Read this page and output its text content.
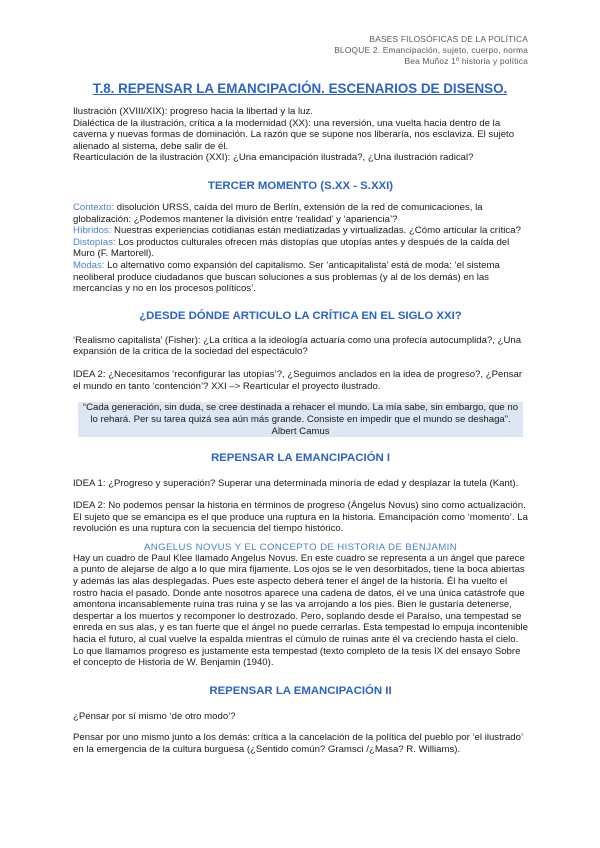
BASES FILOSÓFICAS DE LA POLÍTICA
BLOQUE 2. Emancipación, sujeto, cuerpo, norma
Bea Muñoz 1º historia y política
T.8. REPENSAR LA EMANCIPACIÓN. ESCENARIOS DE DISENSO.

Ilustración (XVIII/XIX): progreso hacia la libertad y la luz.

Dialéctica de la ilustración, crítica a la modernidad (XX): una reversión, una vuelta hacia dentro de la caverna y nuevas formas de dominación. La razón que se supone nos liberaría, nos esclaviza. El sujeto alienado al sistema, debe salir de él.

Rearticulación de la ilustración (XXI): ¿Una emancipación ilustrada?, ¿Una ilustración radical?

TERCER MOMENTO (S.XX - S.XXI)

Contexto: disolución URSS, caída del muro de Berlín, extensión de la red de comunicaciones, la globalización: ¿Podemos mantener la división entre ‘realidad’ y ‘apariencia’?

Híbridos: Nuestras experiencias cotidianas están mediatizadas y virtualizadas. ¿Cómo articular la crítica?

Distopías: Los productos culturales ofrecen más distopías que utopías antes y después de la caída del Muro (F. Martorell).

Modas: Lo alternativo como expansión del capitalismo. Ser ‘anticapitalista’ está de moda: ‘el sistema neoliberal produce ciudadanos que buscan soluciones a sus problemas (y al de los demás) en las mercancías y no en los procesos políticos’.

¿DESDE DÓNDE ARTICULO LA CRÍTICA EN EL SIGLO XXI?

‘Realismo capitalista’ (Fisher): ¿La crítica a la ideología actuaría como una profecía autocumplida?, ¿Una expansión de la crítica de la sociedad del espectáculo?

IDEA 2: ¿Necesitamos ‘reconfigurar las utopías’?, ¿Seguimos anclados en la idea de progreso?, ¿Pensar el mundo en tanto ‘contención’? XXI –> Rearticular el proyecto ilustrado.

“Cada generación, sin duda, se cree destinada a rehacer el mundo. La mía sabe, sin embargo, que no lo rehará. Per su tarea quizá sea aún más grande. Consiste en impedir que el mundo se deshaga”. Albert Camus
REPENSAR LA EMANCIPACIÓN I

IDEA 1: ¿Progreso y superación? Superar una determinada minoría de edad y desplazar la tutela (Kant).

IDEA 2: No podemos pensar la historia en términos de progreso (Ángelus Novus) sino como actualización. El sujeto que se emancipa es el que produce una ruptura en la historia. Emancipación como ‘momento’. La revolución es una ruptura con la secuencia del tiempo histórico.

ANGELUS NOVUS Y EL CONCEPTO DE HISTORIA DE BENJAMIN

Hay un cuadro de Paul Klee llamado Angelus Novus. En este cuadro se representa a un ángel que parece a punto de alejarse de algo a lo que mira fijamente. Los ojos se le ven desorbitados, tiene la boca abiertas y además las alas desplegadas. Pues este aspecto deberá tener el ángel de la historia. Él ha vuelto el rostro hacia el pasado. Donde ante nosotros aparece una cadena de datos, él ve una única catástrofe que amontona incansablemente ruina tras ruina y se las va arrojando a los pies. Bien le gustaría detenerse, despertar a los muertos y recomponer lo destrozado. Pero, soplando desde el Paraíso, una tempestad se enreda en sus alas, y es tan fuerte que el ángel no puede cerrarlas. Esta tempestad lo empuja incontenible hacia el futuro, al cual vuelve la espalda mientras el cúmulo de ruinas ante él va creciendo hasta el cielo. Lo que llamamos progreso es justamente esta tempestad (texto completo de la tesis IX del ensayo Sobre el concepto de Historia de W. Benjamin (1940).

REPENSAR LA EMANCIPACIÓN II

¿Pensar por sí mismo ‘de otro modo’?

Pensar por uno mismo junto a los demás: crítica a la cancelación de la política del pueblo por ‘el ilustrado’ en la emergencia de la cultura burguesa (¿Sentido común? Gramsci /¿Masa? R. Williams).
